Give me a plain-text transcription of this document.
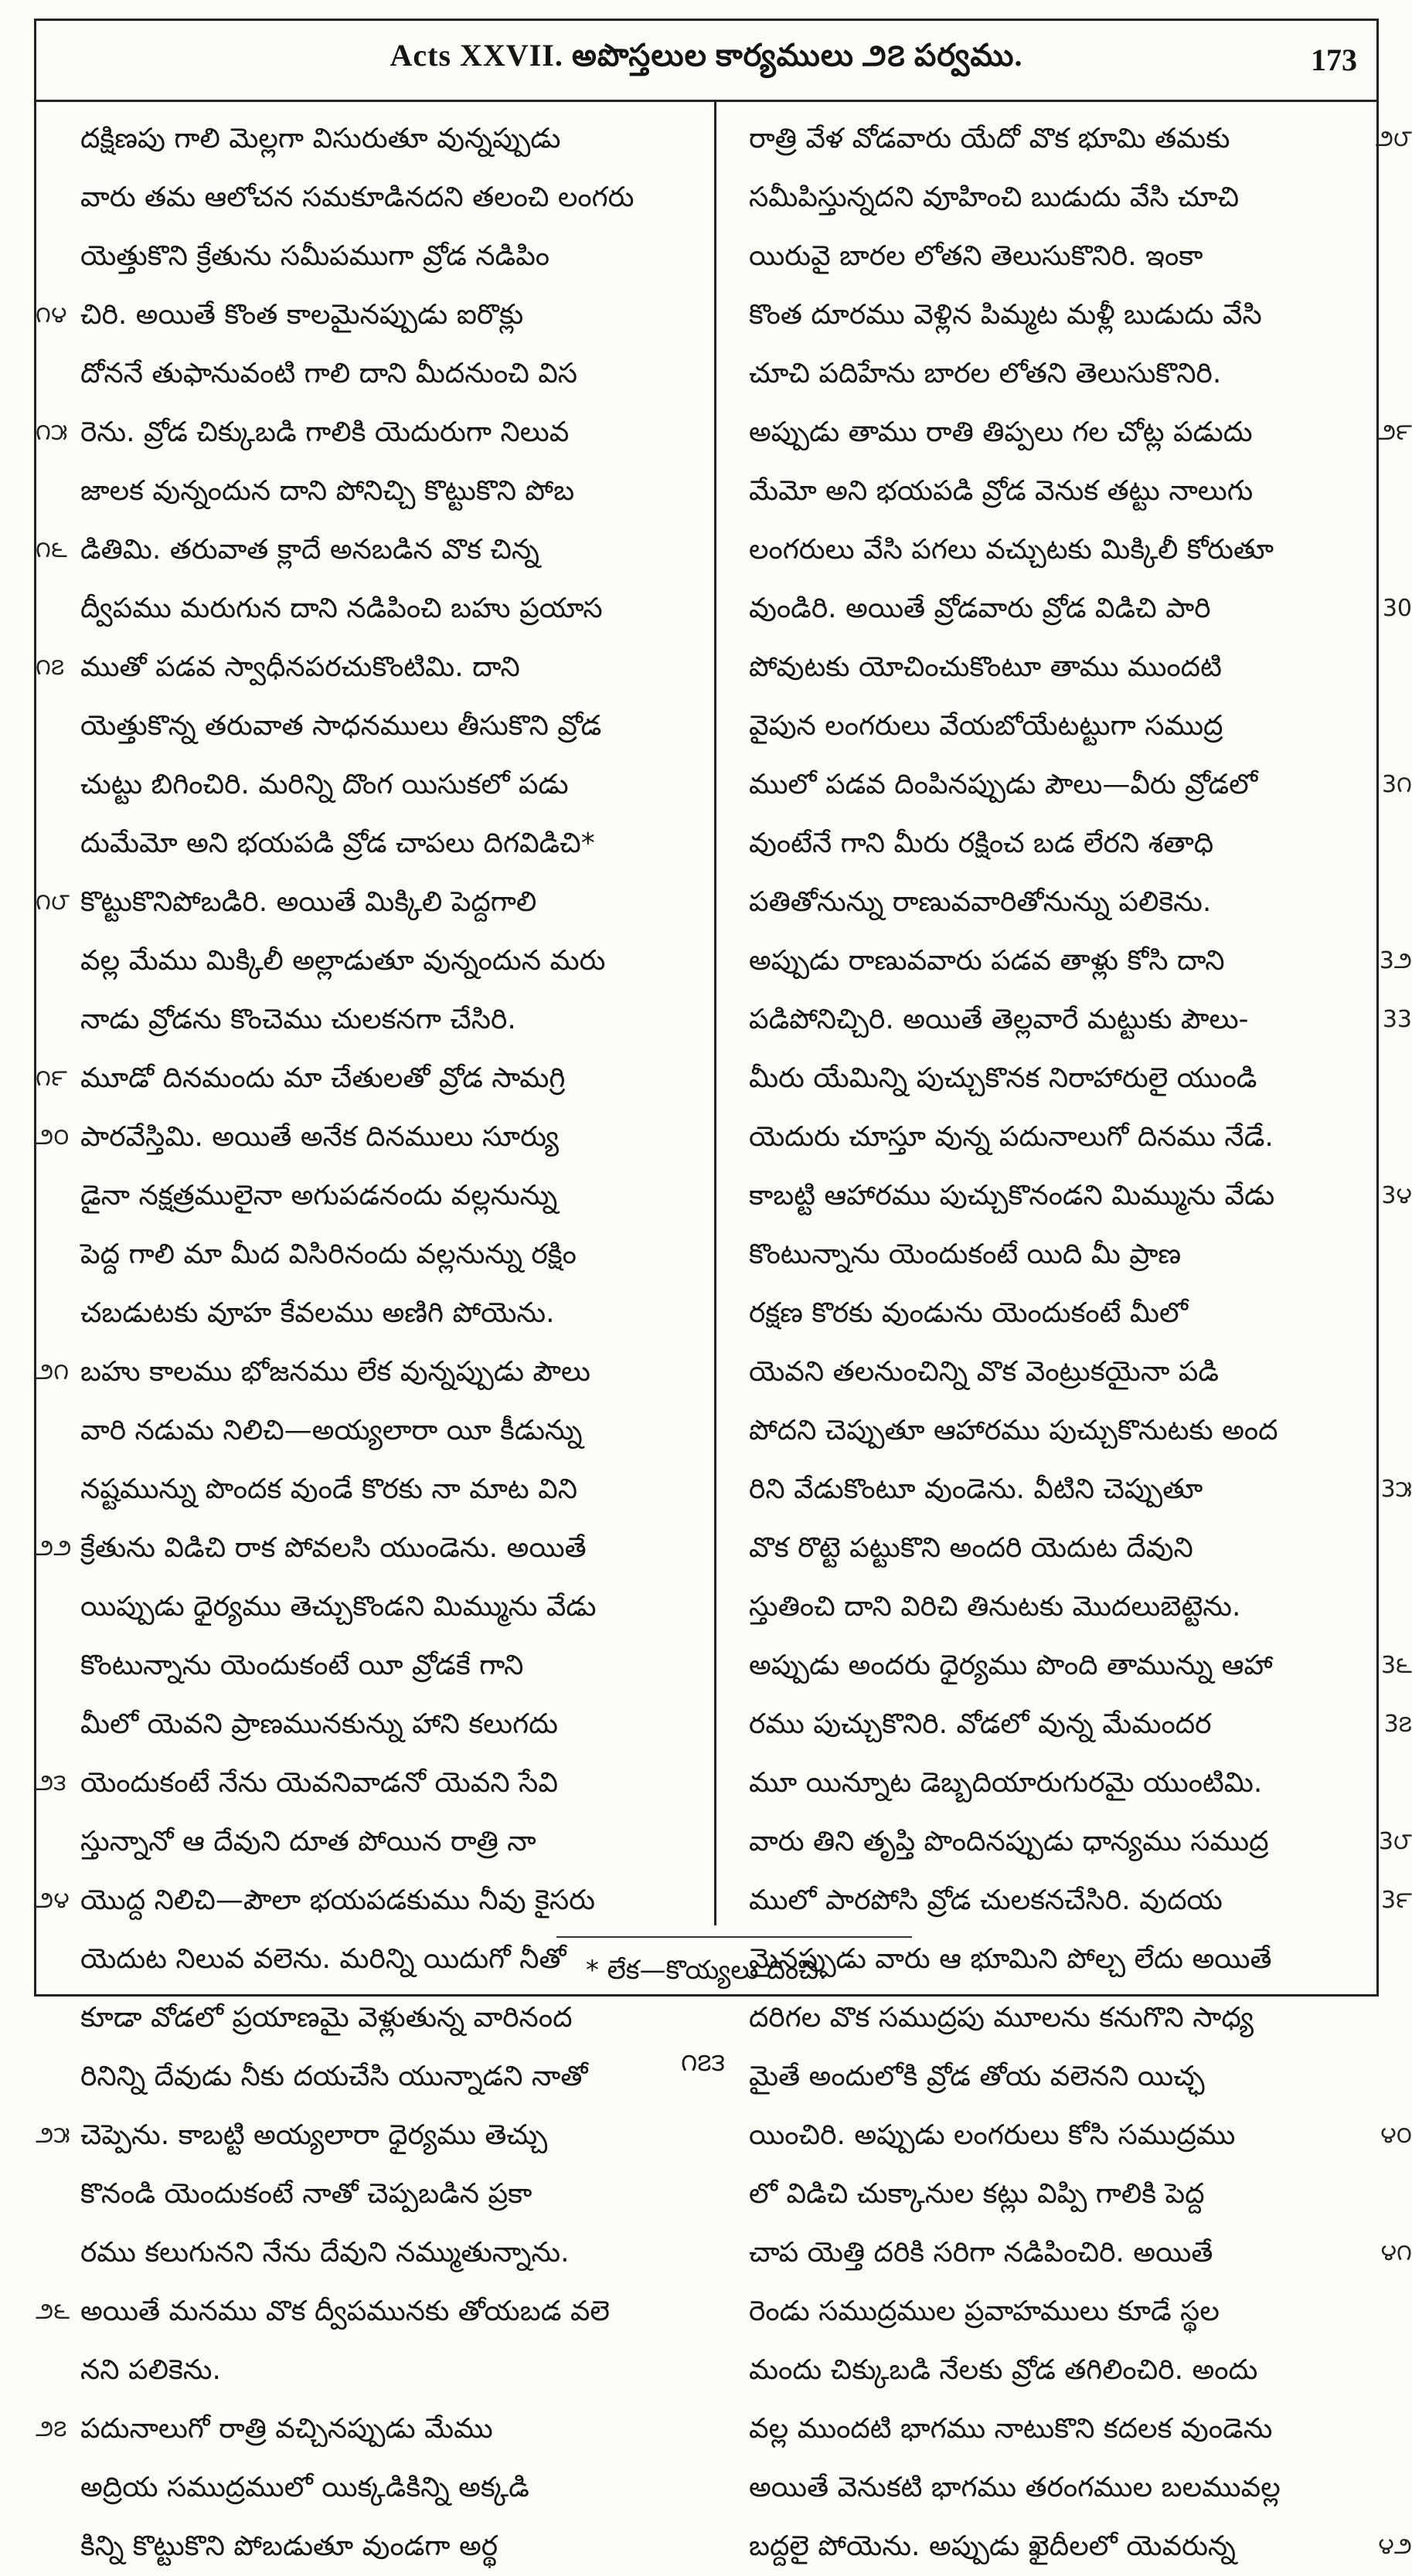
Acts XXVII. అపొస్తలుల కార్యములు ౨౭ పర్వము.	173
దక్షిణపు గాలి మెల్లగా విసురుతూ వున్నప్పుడు
వారు తమ ఆలోచన సమకూడినదని తలంచి లంగరు
యెత్తుకొని క్రేతును సమీపముగా వ్రోడ నడిపిం
చిరి. అయితే కొంత కాలమైనప్పుడు ఐరొక్లు
౧౪
దోననే తుఫానువంటి గాలి దాని మీదనుంచి విస
రెను. వ్రోడ చిక్కుబడి గాలికి యెదురుగా నిలువ
౧౫
జాలక వున్నందున దాని పోనిచ్చి కొట్టుకొని పోబ
డితిమి. తరువాత క్లాదే అనబడిన వొక చిన్న
౧౬
ద్వీపము మరుగున దాని నడిపించి బహు ప్రయాస
ముతో పడవ స్వాధీనపరచుకొంటిమి. దాని
౧౭
యెత్తుకొన్న తరువాత సాధనములు తీసుకొని వ్రోడ
చుట్టు బిగించిరి. మరిన్ని దొంగ యిసుకలో పడు
దుమేమో అని భయపడి వ్రోడ చాపలు దిగవిడిచి*
కొట్టుకొనిపోబడిరి. అయితే మిక్కిలి పెద్దగాలి
౧౮
వల్ల మేము మిక్కిలీ అల్లాడుతూ వున్నందున మరు
నాడు వ్రోడను కొంచెము చులకనగా చేసిరి.
మూడో దినమందు మా చేతులతో వ్రోడ సామగ్రి
౧౯
పారవేస్తిమి. అయితే అనేక దినములు సూర్యు
౨౦
డైనా నక్షత్రములైనా అగుపడనందు వల్లనున్ను
పెద్ద గాలి మా మీద విసిరినందు వల్లనున్ను రక్షిం
చబడుటకు వూహ కేవలము అణిగి పోయెను.
బహు కాలము భోజనము లేక వున్నప్పుడు పౌలు
౨౧
వారి నడుమ నిలిచి—అయ్యలారా యీ కీడున్ను
నష్టమున్ను పొందక వుండే కొరకు నా మాట విని
క్రేతును విడిచి రాక పోవలసి యుండెను. అయితే
౨౨
యిప్పుడు ధైర్యము తెచ్చుకొండని మిమ్మును వేడు
కొంటున్నాను యెందుకంటే యీ వ్రోడకే గాని
మీలో యెవని ప్రాణమునకున్ను హాని కలుగదు
యెందుకంటే నేను యెవనివాడనో యెవని సేవి
౨౩
స్తున్నానో ఆ దేవుని దూత పోయిన రాత్రి నా
యొద్ద నిలిచి—పౌలా భయపడకుము నీవు కైసరు
౨౪
యెదుట నిలువ వలెను. మరిన్ని యిదుగో నీతో
కూడా వోడలో ప్రయాణమై వెళ్లుతున్న వారినంద
రినిన్ని దేవుడు నీకు దయచేసి యున్నాడని నాతో
చెప్పెను. కాబట్టి అయ్యలారా ధైర్యము తెచ్చు
౨౫
కొనండి యెందుకంటే నాతో చెప్పబడిన ప్రకా
రము కలుగునని నేను దేవుని నమ్ముతున్నాను.
అయితే మనము వొక ద్వీపమునకు తోయబడ వలె
౨౬
నని పలికెను.
పదునాలుగో రాత్రి వచ్చినప్పుడు మేము
౨౭
అద్రియ సముద్రములో యిక్కడికిన్ని అక్కడి
కిన్ని కొట్టుకొని పోబడుతూ వుండగా అర్థ
రాత్రి వేళ వోడవారు యేదో వొక భూమి తమకు	౨౮
సమీపిస్తున్నదని వూహించి బుడుదు వేసి చూచి
యిరువై బారల లోతని తెలుసుకొనిరి. ఇంకా
కొంత దూరము వెళ్లిన పిమ్మట మళ్లీ బుడుదు వేసి
చూచి పదిహేను బారల లోతని తెలుసుకొనిరి.
అప్పుడు తాము రాతి తిప్పలు గల చోట్ల పడుదు	౨౯
మేమో అని భయపడి వ్రోడ వెనుక తట్టు నాలుగు
లంగరులు వేసి పగలు వచ్చుటకు మిక్కిలీ కోరుతూ
వుండిరి. అయితే వ్రోడవారు వ్రోడ విడిచి పారి	30
పోవుటకు యోచించుకొంటూ తాము ముందటి
వైపున లంగరులు వేయబోయేటట్టుగా సముద్ర
ములో పడవ దింపినప్పుడు పౌలు—వీరు వ్రోడలో	3౧
వుంటేనే గాని మీరు రక్షించ బడ లేరని శతాధి
పతితోనున్ను రాణువవారితోనున్ను పలికెను.
అప్పుడు రాణువవారు పడవ తాళ్లు కోసి దాని	3౨
పడిపోనిచ్చిరి. అయితే తెల్లవారే మట్టుకు పౌలు-	33
మీరు యేమిన్ని పుచ్చుకొనక నిరాహారులై యుండి
యెదురు చూస్తూ వున్న పదునాలుగో దినము నేడే.
కాబట్టి ఆహారము పుచ్చుకొనండని మిమ్మును వేడు	3౪
కొంటున్నాను యెందుకంటే యిది మీ ప్రాణ
రక్షణ కొరకు వుండును యెందుకంటే మీలో
యెవని తలనుంచిన్ని వొక వెంట్రుకయైనా పడి
పోదని చెప్పుతూ ఆహారము పుచ్చుకొనుటకు అంద
రిని వేడుకొంటూ వుండెను. వీటిని చెప్పుతూ	3౫
వొక రొట్టె పట్టుకొని అందరి యెదుట దేవుని
స్తుతించి దాని విరిచి తినుటకు మొదలుబెట్టెను.
అప్పుడు అందరు ధైర్యము పొంది తామున్ను ఆహా	3౬
రము పుచ్చుకొనిరి. వోడలో వున్న మేమందర	3౭
మూ యిన్నూట డెబ్బదియారుగురమై యుంటిమి.
వారు తిని తృప్తి పొందినప్పుడు ధాన్యము సముద్ర	3౮
ములో పారపోసి వ్రోడ చులకనచేసిరి. వుదయ	3౯
మైనప్పుడు వారు ఆ భూమిని పోల్చ లేదు అయితే
దరిగల వొక సముద్రపు మూలను కనుగొని సాధ్య
మైతే అందులోకి వ్రోడ తోయ వలెనని యిచ్ఛ
యించిరి. అప్పుడు లంగరులు కోసి సముద్రము	౪౦
లో విడిచి చుక్కానుల కట్లు విప్పి గాలికి పెద్ద
చాప యెత్తి దరికి సరిగా నడిపించిరి. అయితే	౪౧
రెండు సముద్రముల ప్రవాహములు కూడే స్థల
మందు చిక్కుబడి నేలకు వ్రోడ తగిలించిరి. అందు
వల్ల ముందటి భాగము నాటుకొని కదలక వుండెను
అయితే వెనుకటి భాగము తరంగముల బలమువల్ల
బద్దలై పోయెను. అప్పుడు ఖైదీలలో యెవరున్న	౪౨
* లేక—కొయ్యలు దించి.
౧౭౩
